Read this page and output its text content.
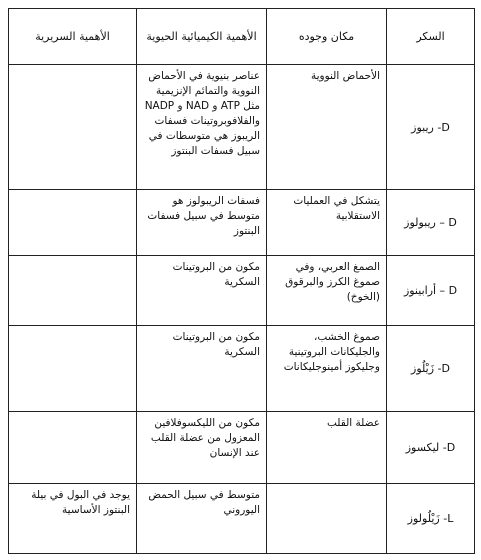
السكر	مكان وجوده	الأهمية الكيميائية الحيوية	الأهمية السريرية
D- ريبوز	الأحماض النووية	عناصر بنيوية في الأحماض النووية والتمائم الإنزيمية مثل ATP و NAD و NADP والفلافوبروتينات فسفات الريبوز هي متوسطات في سبيل فسفات البنتوز	
D – ريبولوز	يتشكل في العمليات الاستقلابية	فسفات الريبولوز هو متوسط في سبيل فسفات البنتوز	
D – أرابينوز	الصمغ العربي، وفي صموغ الكرز والبرقوق (الخوخ)	مكون من البروتينات السكرية	
D- زَيْلُوز	صموغ الخشب، والجليكانات البروتينية وجليكوز أمينوجليكانات	مكون من البروتينات السكرية	
D- ليكسوز	عضلة القلب	مكون من الليكسوفلافين المعزول من عضلة القلب عند الإنسان	
L- زَيْلُولوز		متوسط في سبيل الحمض اليوروني	يوجد في البول في بيلة البنتوز الأساسية
